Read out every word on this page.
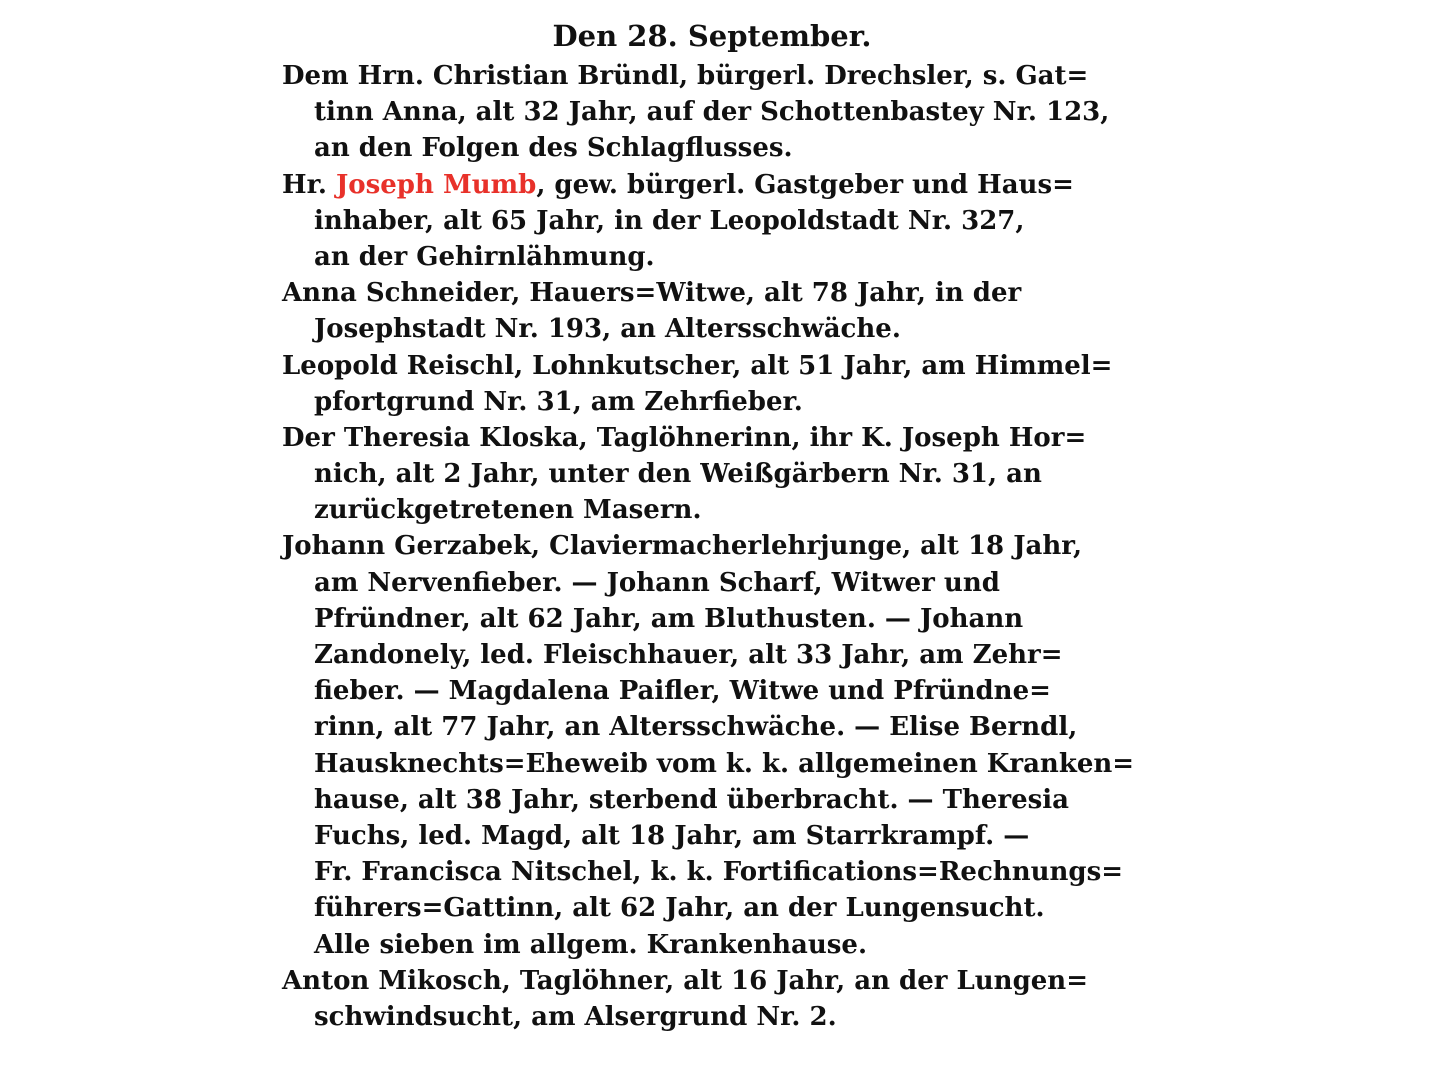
Den 28. September.
Dem Hrn. Christian Bründl, bürgerl. Drechsler, s. Gat=
tinn Anna, alt 32 Jahr, auf der Schottenbastey Nr. 123,
an den Folgen des Schlagflusses.
Hr. Joseph Mumb, gew. bürgerl. Gastgeber und Haus=
inhaber, alt 65 Jahr, in der Leopoldstadt Nr. 327,
an der Gehirnlähmung.
Anna Schneider, Hauers=Witwe, alt 78 Jahr, in der
Josephstadt Nr. 193, an Altersschwäche.
Leopold Reischl, Lohnkutscher, alt 51 Jahr, am Himmel=
pfortgrund Nr. 31, am Zehrfieber.
Der Theresia Kloska, Taglöhnerinn, ihr K. Joseph Hor=
nich, alt 2 Jahr, unter den Weißgärbern Nr. 31, an
zurückgetretenen Masern.
Johann Gerzabek, Claviermacherlehrjunge, alt 18 Jahr,
am Nervenfieber. — Johann Scharf, Witwer und
Pfründner, alt 62 Jahr, am Bluthusten. — Johann
Zandonely, led. Fleischhauer, alt 33 Jahr, am Zehr=
fieber. — Magdalena Paifler, Witwe und Pfründne=
rinn, alt 77 Jahr, an Altersschwäche. — Elise Berndl,
Hausknechts=Eheweib vom k. k. allgemeinen Kranken=
hause, alt 38 Jahr, sterbend überbracht. — Theresia
Fuchs, led. Magd, alt 18 Jahr, am Starrkrampf. —
Fr. Francisca Nitschel, k. k. Fortifications=Rechnungs=
führers=Gattinn, alt 62 Jahr, an der Lungensucht.
Alle sieben im allgem. Krankenhause.
Anton Mikosch, Taglöhner, alt 16 Jahr, an der Lungen=
schwindsucht, am Alsergrund Nr. 2.
